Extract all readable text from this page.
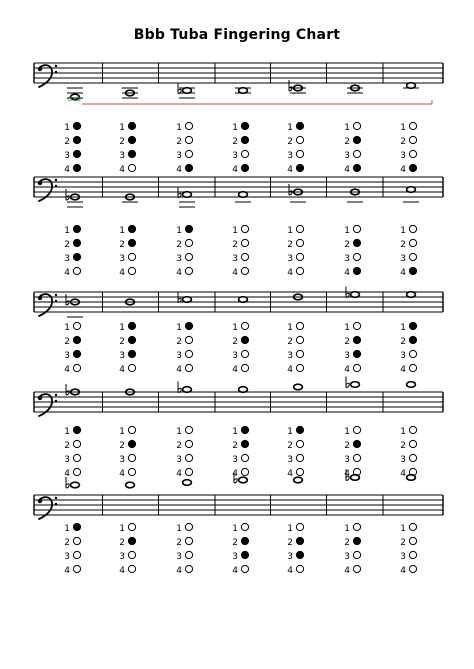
Bbb Tuba Fingering Chart
1
2
3
4
1
2
3
4
1
2
3
4
1
2
3
4
1
2
3
4
1
2
3
4
1
2
3
4
1
2
3
4
1
2
3
4
1
2
3
4
1
2
3
4
1
2
3
4
1
2
3
4
1
2
3
4
1
2
3
4
1
2
3
4
1
2
3
4
1
2
3
4
1
2
3
4
1
2
3
4
1
2
3
4
1
2
3
4
1
2
3
4
1
2
3
4
1
2
3
4
1
2
3
4
1
2
3
4
1
2
3
4
1
2
3
4
1
2
3
4
1
2
3
4
1
2
3
4
1
2
3
4
1
2
3
4
1
2
3
4
8vb
